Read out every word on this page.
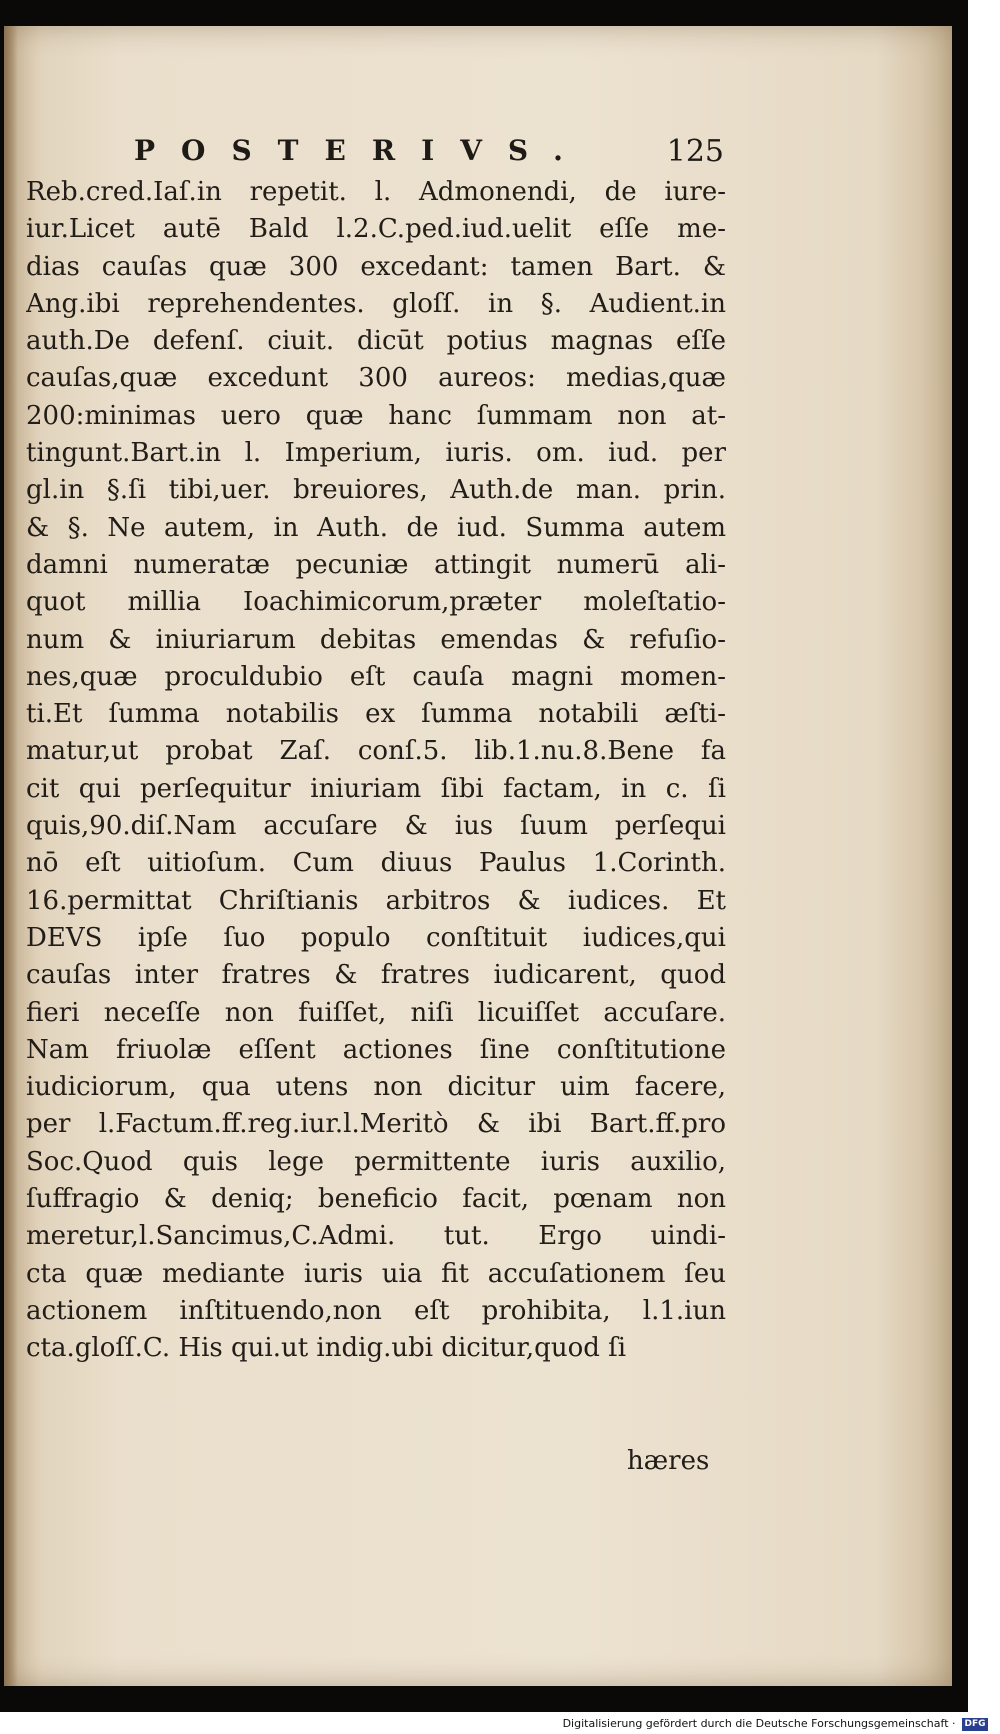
POSTERIVS.	125
Reb.cred.Iaſ.in repetit. l. Admonendi, de iure-
iur.Licet autē Bald l.2.C.ped.iud.uelit eſſe me-
dias cauſas quæ 300 excedant: tamen Bart. &
Ang.ibi reprehendentes. gloſſ. in §. Audient.in
auth.De defenſ. ciuit. dicūt potius magnas eſſe
cauſas,quæ excedunt 300 aureos: medias,quæ
200:minimas uero quæ hanc ſummam non at-
tingunt.Bart.in l. Imperium, iuris. om. iud. per
gl.in §.ſi tibi,uer. breuiores, Auth.de man. prin.
& §. Ne autem, in Auth. de iud. Summa autem
damni numeratæ pecuniæ attingit numerū ali-
quot millia Ioachimicorum,præter moleſtatio-
num & iniuriarum debitas emendas & refuſio-
nes,quæ proculdubio eſt cauſa magni momen-
ti.Et ſumma notabilis ex ſumma notabili æſti-
matur,ut probat Zaſ. conſ.5. lib.1.nu.8.Bene fa
cit qui perſequitur iniuriam ſibi factam, in c. ſi
quis,90.diſ.Nam accuſare & ius ſuum perſequi
nō eſt uitioſum. Cum diuus Paulus 1.Corinth.
16.permittat Chriſtianis arbitros & iudices. Et
DEVS ipſe ſuo populo conſtituit iudices,qui
cauſas inter fratres & fratres iudicarent, quod
fieri neceſſe non fuiſſet, niſi licuiſſet accuſare.
Nam friuolæ eſſent actiones ſine conſtitutione
iudiciorum, qua utens non dicitur uim facere,
per l.Factum.ff.reg.iur.l.Meritò & ibi Bart.ff.pro
Soc.Quod quis lege permittente iuris auxilio,
ſuffragio & deniq; beneficio facit, pœnam non
meretur,l.Sancimus,C.Admi. tut. Ergo uindi-
cta quæ mediante iuris uia fit accuſationem ſeu
actionem inſtituendo,non eſt prohibita, l.1.iun
cta.gloſſ.C. His qui.ut indig.ubi dicitur,quod ſi
hæres
Digitalisierung gefördert durch die Deutsche Forschungsgemeinschaft · DFG
